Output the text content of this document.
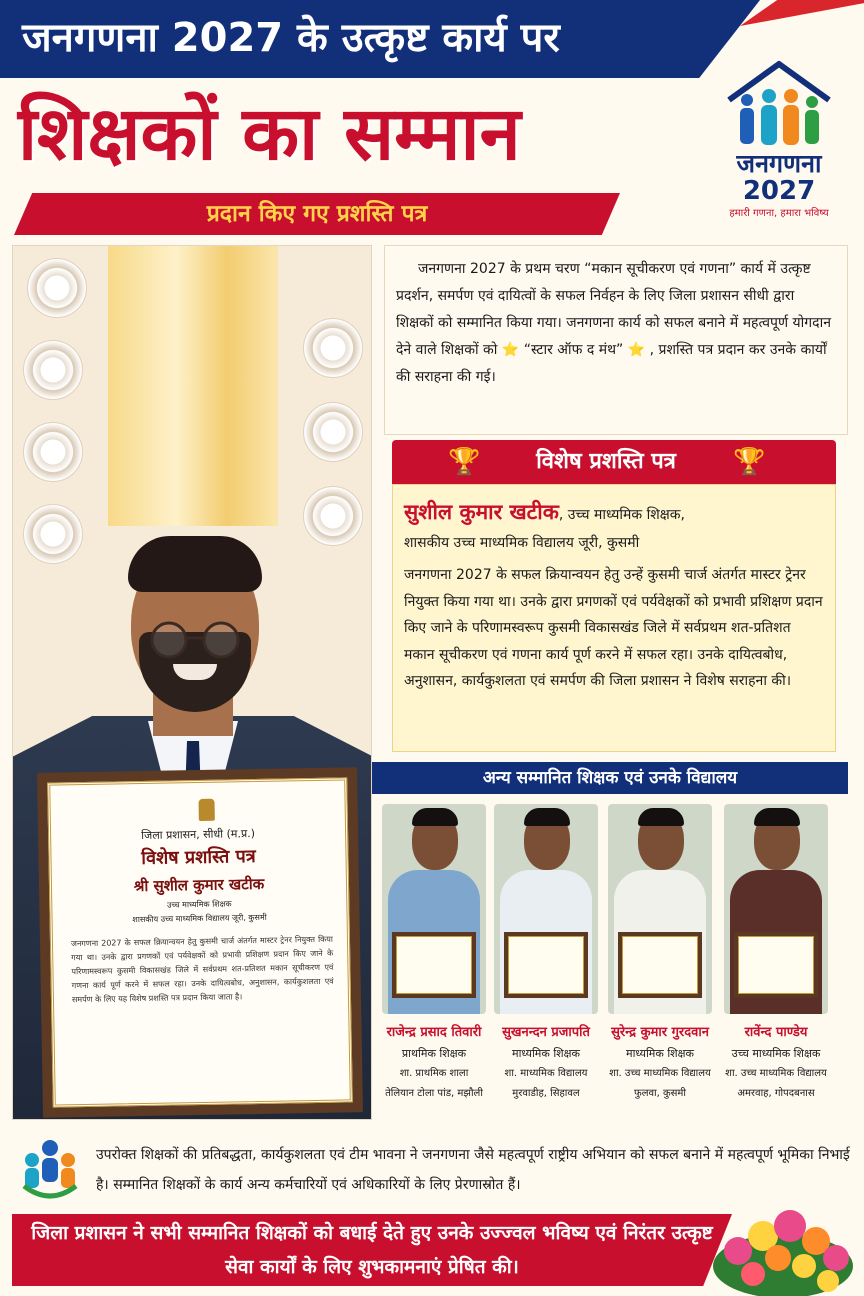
जनगणना 2027 के उत्कृष्ट कार्य पर
शिक्षकों का सम्मान
प्रदान किए गए प्रशस्ति पत्र
जनगणना
2027
हमारी गणना, हमारा भविष्य
जिला प्रशासन, सीधी (म.प्र.)
विशेष प्रशस्ति पत्र
श्री सुशील कुमार खटीक
उच्च माध्यमिक शिक्षक
शासकीय उच्च माध्यमिक विद्यालय जूरी, कुसमी
जनगणना 2027 के सफल क्रियान्वयन हेतु कुसमी चार्ज अंतर्गत मास्टर ट्रेनर नियुक्त किया गया था। उनके द्वारा प्रगणकों एवं पर्यवेक्षकों को प्रभावी प्रशिक्षण प्रदान किए जाने के परिणामस्वरूप कुसमी विकासखंड जिले में सर्वप्रथम शत-प्रतिशत मकान सूचीकरण एवं गणना कार्य पूर्ण करने में सफल रहा। उनके दायित्वबोध, अनुशासन, कार्यकुशलता एवं समर्पण के लिए यह विशेष प्रशस्ति पत्र प्रदान किया जाता है।
जनगणना 2027 के प्रथम चरण “मकान सूचीकरण एवं गणना” कार्य में उत्कृष्ट प्रदर्शन, समर्पण एवं दायित्वों के सफल निर्वहन के लिए जिला प्रशासन सीधी द्वारा शिक्षकों को सम्मानित किया गया। जनगणना कार्य को सफल बनाने में महत्वपूर्ण योगदान देने वाले शिक्षकों को ⭐ “स्टार ऑफ द मंथ” ⭐ , प्रशस्ति पत्र प्रदान कर उनके कार्यों की सराहना की गई।
🏆	विशेष प्रशस्ति पत्र	🏆
सुशील कुमार खटीक, उच्च माध्यमिक शिक्षक,
शासकीय उच्च माध्यमिक विद्यालय जूरी, कुसमी
जनगणना 2027 के सफल क्रियान्वयन हेतु उन्हें कुसमी चार्ज अंतर्गत मास्टर ट्रेनर नियुक्त किया गया था। उनके द्वारा प्रगणकों एवं पर्यवेक्षकों को प्रभावी प्रशिक्षण प्रदान किए जाने के परिणामस्वरूप कुसमी विकासखंड जिले में सर्वप्रथम शत-प्रतिशत मकान सूचीकरण एवं गणना कार्य पूर्ण करने में सफल रहा। उनके दायित्वबोध, अनुशासन, कार्यकुशलता एवं समर्पण की जिला प्रशासन ने विशेष सराहना की।
अन्य सम्मानित शिक्षक एवं उनके विद्यालय
राजेन्द्र प्रसाद तिवारी
प्राथमिक शिक्षक
शा. प्राथमिक शाला
तेलियान टोला पांड, मझौली
सुखनन्दन प्रजापति
माध्यमिक शिक्षक
शा. माध्यमिक विद्यालय
मुरवाडीह, सिहावल
सुरेन्द्र कुमार गुरदवान
माध्यमिक शिक्षक
शा. उच्च माध्यमिक विद्यालय
फुलवा, कुसमी
रावेंन्द पाण्डेय
उच्च माध्यमिक शिक्षक
शा. उच्च माध्यमिक विद्यालय
अमरवाह, गोपदबनास
उपरोक्त शिक्षकों की प्रतिबद्धता, कार्यकुशलता एवं टीम भावना ने जनगणना जैसे महत्वपूर्ण राष्ट्रीय अभियान को सफल बनाने में महत्वपूर्ण भूमिका निभाई है। सम्मानित शिक्षकों के कार्य अन्य कर्मचारियों एवं अधिकारियों के लिए प्रेरणास्रोत हैं।
जिला प्रशासन ने सभी सम्मानित शिक्षकों को बधाई देते हुए उनके उज्ज्वल भविष्य एवं निरंतर उत्कृष्ट सेवा कार्यों के लिए शुभकामनाएं प्रेषित की।
